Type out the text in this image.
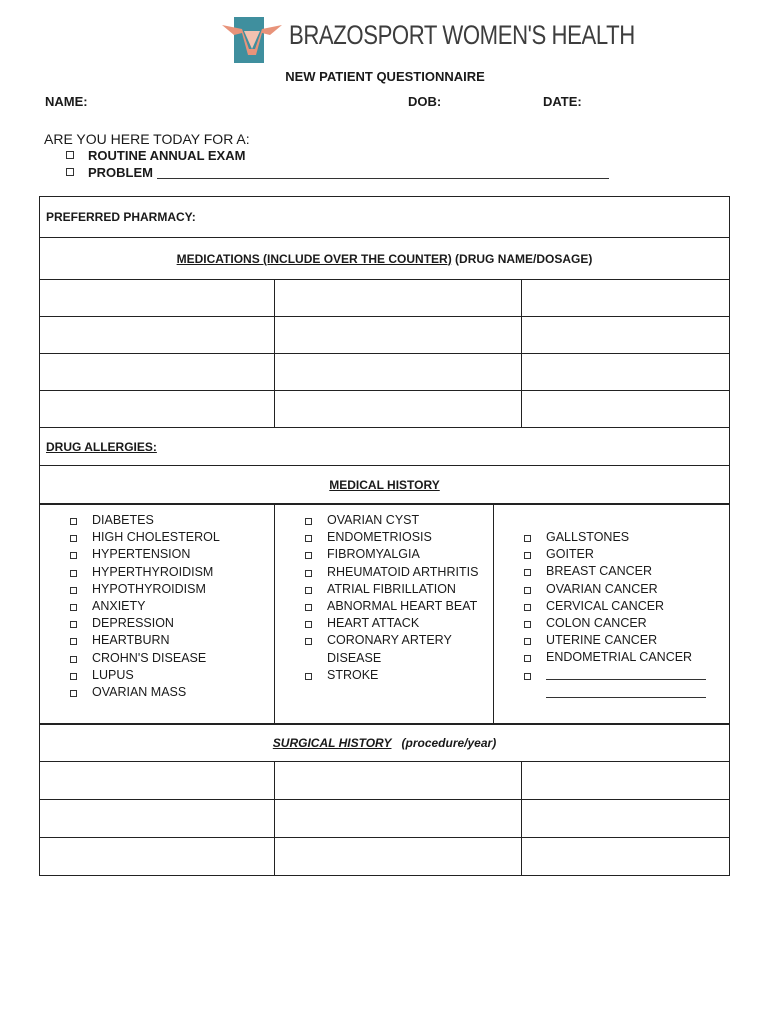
BRAZOSPORT WOMEN'S HEALTH
NEW PATIENT QUESTIONNAIRE
NAME:	DOB:	DATE:
ARE YOU HERE TODAY FOR A:
ROUTINE ANNUAL EXAM
PROBLEM
PREFERRED PHARMACY:		
MEDICATIONS (INCLUDE OVER THE COUNTER) (DRUG NAME/DOSAGE)		

DRUG ALLERGIES:		
MEDICAL HISTORY		
DIABETES
HIGH CHOLESTEROL
HYPERTENSION
HYPERTHYROIDISM
HYPOTHYROIDISM
ANXIETY
DEPRESSION
HEARTBURN
CROHN'S DISEASE
LUPUS
OVARIAN MASS

OVARIAN CYST
ENDOMETRIOSIS
FIBROMYALGIA
RHEUMATOID ARTHRITIS
ATRIAL FIBRILLATION
ABNORMAL HEART BEAT
HEART ATTACK
CORONARY ARTERY
DISEASE
STROKE

GALLSTONES
GOITER
BREAST CANCER
OVARIAN CANCER
CERVICAL CANCER
COLON CANCER
UTERINE CANCER
ENDOMETRIAL CANCER
SURGICAL HISTORY (procedure/year)		
